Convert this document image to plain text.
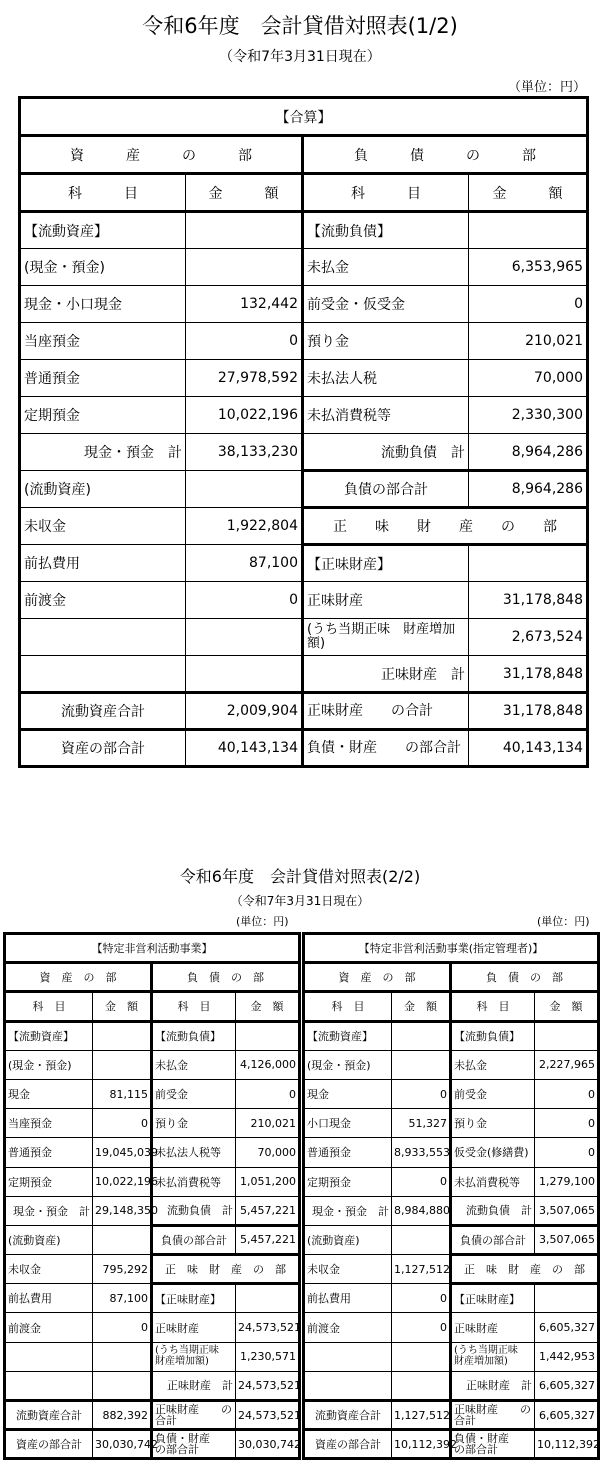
令和6年度　会計貸借対照表(1/2)
（令和7年3月31日現在）
（単位：円）
【合算】			
資　　　産　　　の　　　部		負　　　債　　　の　　　部	
科　　　目	金　　　額	科　　　目	金　　　額
【流動資産】		【流動負債】	
(現金・預金)		未払金	6,353,965
現金・小口現金	132,442	前受金・仮受金	0
当座預金	0	預り金	210,021
普通預金	27,978,592	未払法人税	70,000
定期預金	10,022,196	未払消費税等	2,330,300
現金・預金　計	38,133,230	流動負債　計	8,964,286
(流動資産)		負債の部合計	8,964,286
未収金	1,922,804	正　　味　　財　　産　　の　　部	
前払費用	87,100	【正味財産】	
前渡金	0	正味財産	31,178,848
		(うち当期正味　財産増加額)	2,673,524
		正味財産　計	31,178,848
流動資産合計	2,009,904	正味財産　　の合計	31,178,848
資産の部合計	40,143,134	負債・財産　　の部合計	40,143,134
令和6年度　会計貸借対照表(2/2)
（令和7年3月31日現在）
(単位：円)	(単位：円)
【特定非営利活動事業】			
資　産　の　部		負　債　の　部	
科　目	金　額	科　目	金　額
【流動資産】		【流動負債】	
(現金・預金)		未払金	4,126,000
現金	81,115	前受金	0
当座預金	0	預り金	210,021
普通預金	19,045,039	未払法人税等	70,000
定期預金	10,022,196	未払消費税等	1,051,200
現金・預金　計	29,148,350	流動負債　計	5,457,221
(流動資産)		負債の部合計	5,457,221
未収金	795,292	正　味　財　産　の　部	
前払費用	87,100	【正味財産】	
前渡金	0	正味財産	24,573,521
		(うち当期正味　財産増加額)	1,230,571
		正味財産　計	24,573,521
流動資産合計	882,392	正味財産　　の合計	24,573,521
資産の部合計	30,030,742	負債・財産　　の部合計	30,030,742
【特定非営利活動事業(指定管理者)】			
資　産　の　部		負　債　の　部	
科　目	金　額	科　目	金　額
【流動資産】		【流動負債】	
(現金・預金)		未払金	2,227,965
現金	0	前受金	0
小口現金	51,327	預り金	0
普通預金	8,933,553	仮受金(修繕費)	0
定期預金	0	未払消費税等	1,279,100
現金・預金　計	8,984,880	流動負債　計	3,507,065
(流動資産)		負債の部合計	3,507,065
未収金	1,127,512	正　味　財　産　の　部	
前払費用	0	【正味財産】	
前渡金	0	正味財産	6,605,327
		(うち当期正味　財産増加額)	1,442,953
		正味財産　計	6,605,327
流動資産合計	1,127,512	正味財産　　の合計	6,605,327
資産の部合計	10,112,392	負債・財産　　の部合計	10,112,392
